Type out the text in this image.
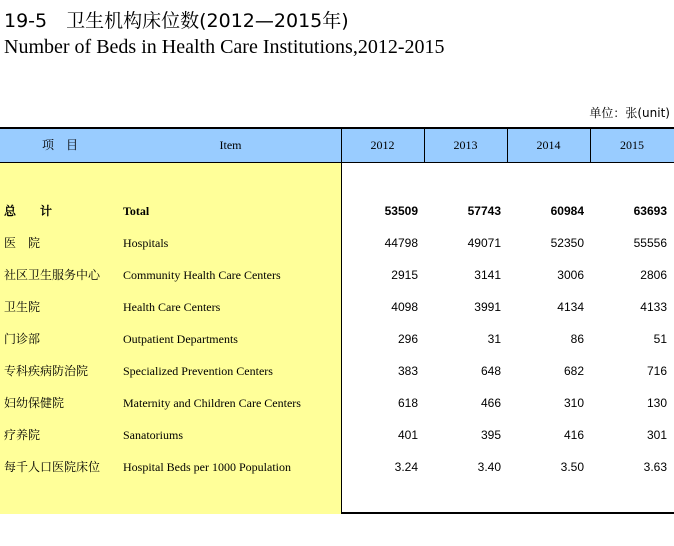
19-5　卫生机构床位数(2012—2015年)
Number of Beds in Health Care Institutions,2012-2015
单位：张(unit)
项　目	Item	2012	2013	2014	2015
总　　计	Total	53509	57743	60984	63693
医　院	Hospitals	44798	49071	52350	55556
社区卫生服务中心 Community Health Care Centers	2915	3141	3006	2806
卫生院	Health Care Centers	4098	3991	4134	4133
门诊部	Outpatient Departments	296	31	86	51
专科疾病防治院	Specialized Prevention Centers	383	648	682	716
妇幼保健院	Maternity and Children Care Centers	618	466	310	130
疗养院	Sanatoriums	401	395	416	301
每千人口医院床位 Hospital Beds per 1000 Population	3.24	3.40	3.50	3.63
